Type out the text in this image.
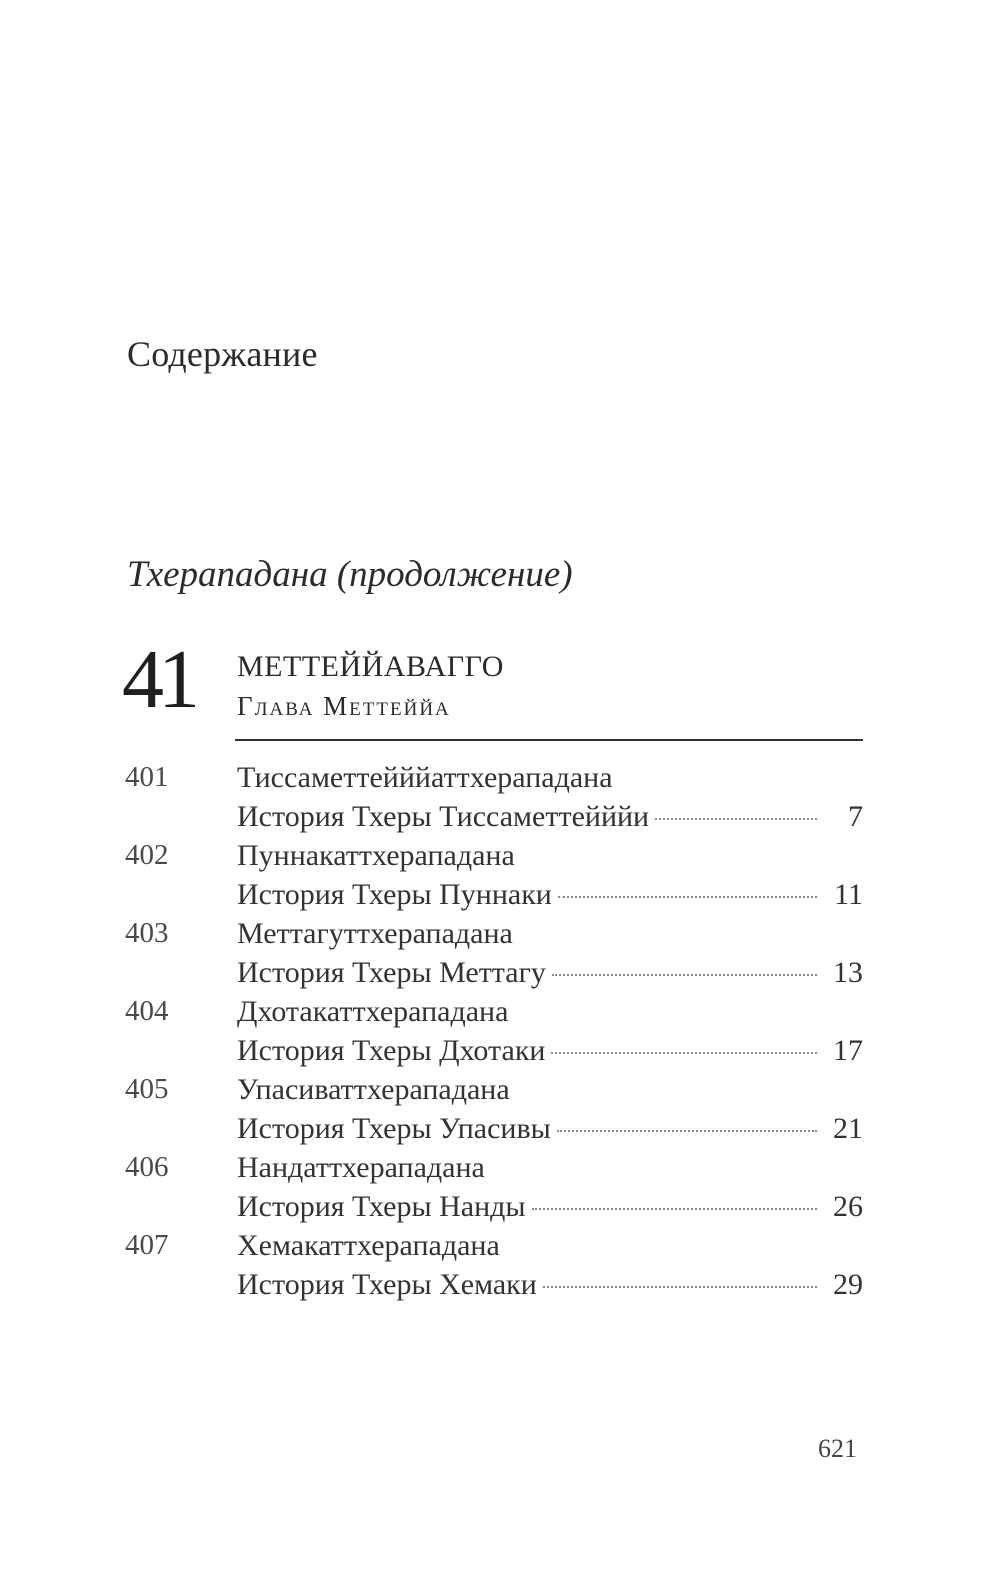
Содержание
Тхерападана (продолжение)
41 МЕТТЕЙЙАВАГГО
Глава Меттеййа
401 Тиссаметтейййаттхерападана
История Тхеры Тиссаметтейййи	7
402 Пуннакаттхерападана
История Тхеры Пуннаки	11
403 Меттагуттхерападана
История Тхеры Меттагу	13
404 Дхотакаттхерападана
История Тхеры Дхотаки	17
405 Упасиваттхерападана
История Тхеры Упасивы	21
406 Нандаттхерападана
История Тхеры Нанды	26
407 Хемакаттхерападана
История Тхеры Хемаки	29
621
